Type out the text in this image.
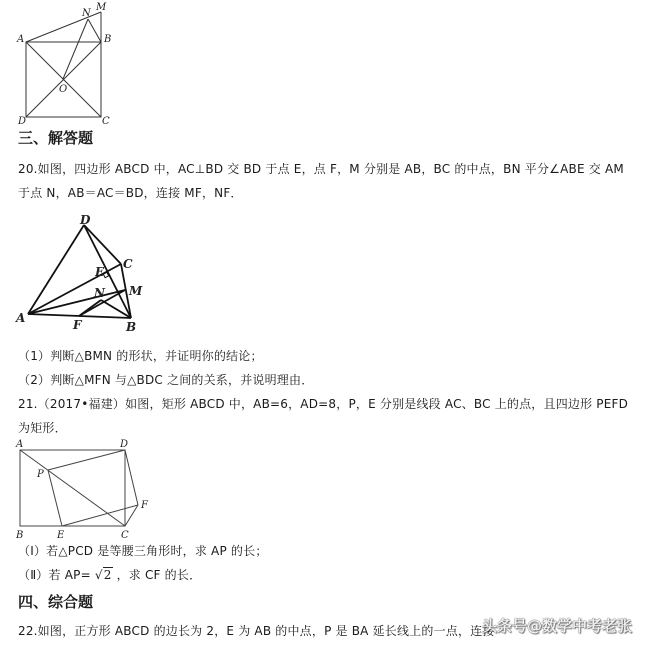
A	B
C
D
O
N
M
三、解答题
20.如图，四边形 ABCD 中，AC⊥BD 交 BD 于点 E，点 F，M 分别是 AB，BC 的中点，BN 平分∠ABE 交 AM
于点 N，AB＝AC＝BD，连接 MF，NF．
A
B
C
D
E
F
M
N
（1）判断△BMN 的形状，并证明你的结论；
（2）判断△MFN 与△BDC 之间的关系，并说明理由．
21.（2017•福建）如图，矩形 ABCD 中，AB=6，AD=8，P，E 分别是线段 AC、BC 上的点，且四边形 PEFD
为矩形．
A	D
B	C
E
F
P
（Ⅰ）若△PCD 是等腰三角形时，求 AP 的长；
（Ⅱ）若 AP= √2 ，求 CF 的长．
四、综合题
22.如图，正方形 ABCD 的边长为 2，E 为 AB 的中点，P 是 BA 延长线上的一点，连接
头条号@数学中考老张
